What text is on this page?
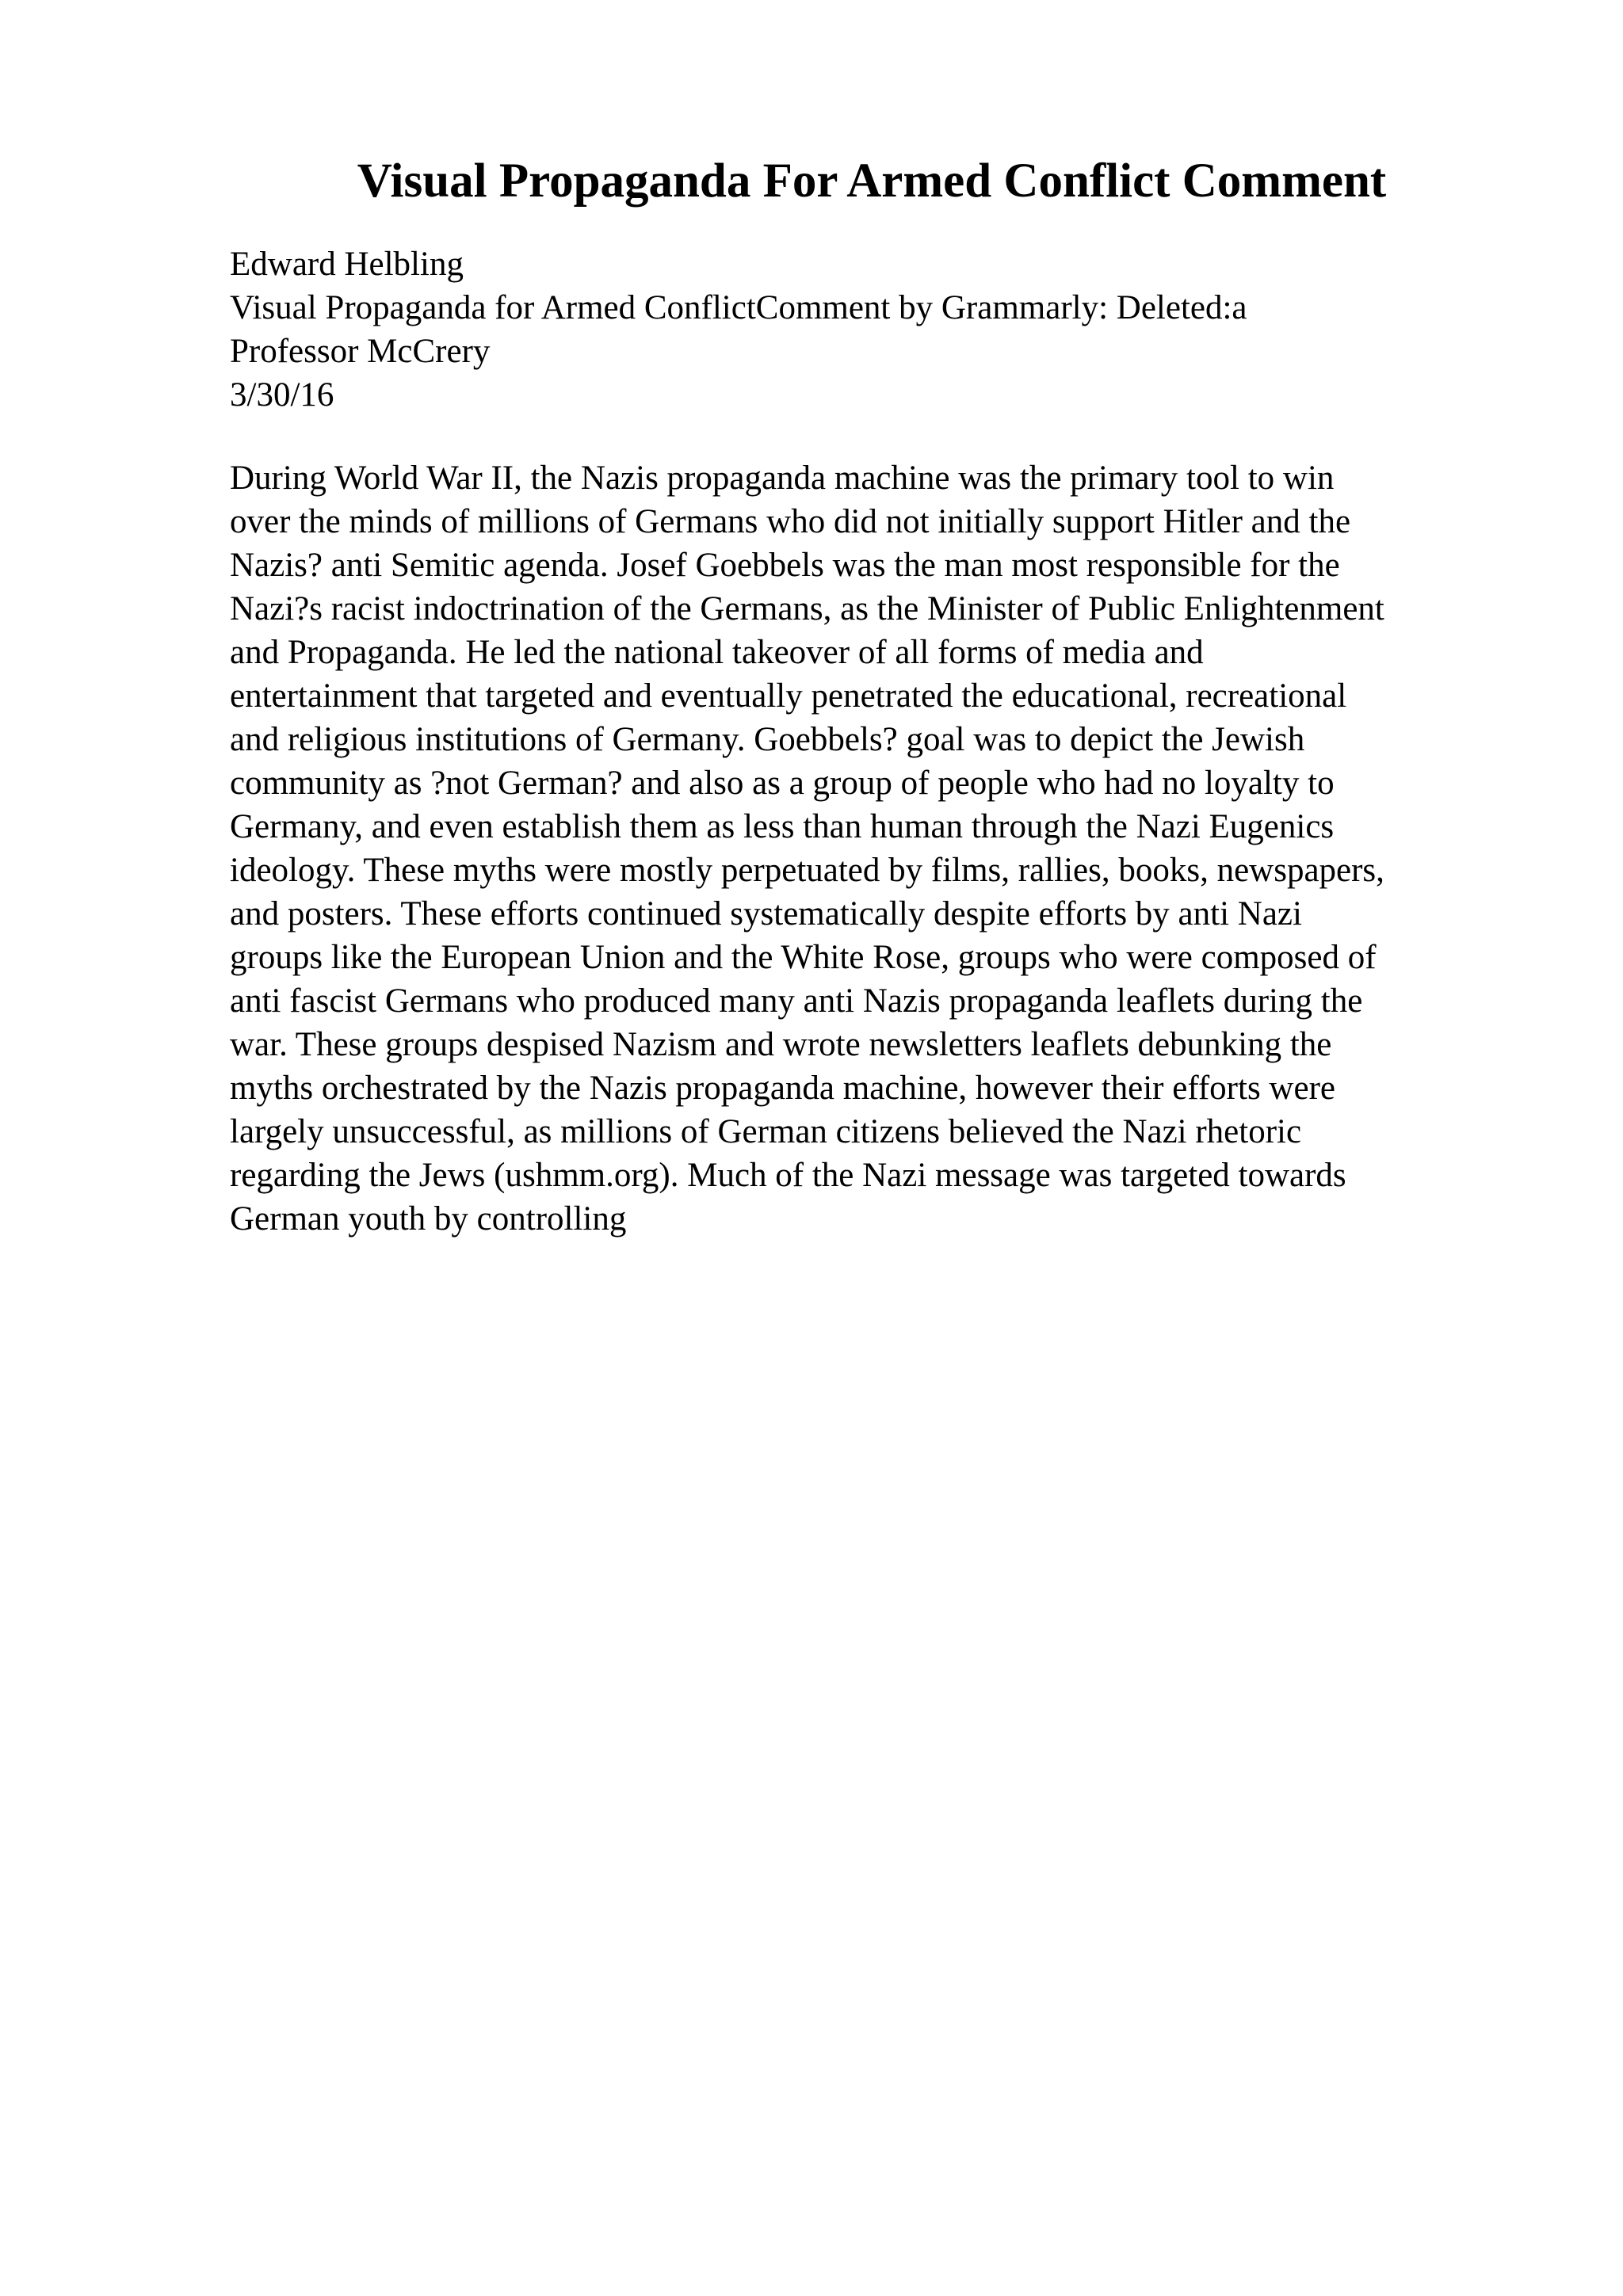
Visual Propaganda For Armed Conflict Comment
Edward Helbling
Visual Propaganda for Armed ConflictComment by Grammarly: Deleted:a
Professor McCrery
3/30/16
During World War II, the Nazis propaganda machine was the primary tool to win
over the minds of millions of Germans who did not initially support Hitler and the
Nazis? anti Semitic agenda. Josef Goebbels was the man most responsible for the
Nazi?s racist indoctrination of the Germans, as the Minister of Public Enlightenment
and Propaganda. He led the national takeover of all forms of media and
entertainment that targeted and eventually penetrated the educational, recreational
and religious institutions of Germany. Goebbels? goal was to depict the Jewish
community as ?not German? and also as a group of people who had no loyalty to
Germany, and even establish them as less than human through the Nazi Eugenics
ideology. These myths were mostly perpetuated by films, rallies, books, newspapers,
and posters. These efforts continued systematically despite efforts by anti Nazi
groups like the European Union and the White Rose, groups who were composed of
anti fascist Germans who produced many anti Nazis propaganda leaflets during the
war. These groups despised Nazism and wrote newsletters leaflets debunking the
myths orchestrated by the Nazis propaganda machine, however their efforts were
largely unsuccessful, as millions of German citizens believed the Nazi rhetoric
regarding the Jews (ushmm.org). Much of the Nazi message was targeted towards
German youth by controlling
